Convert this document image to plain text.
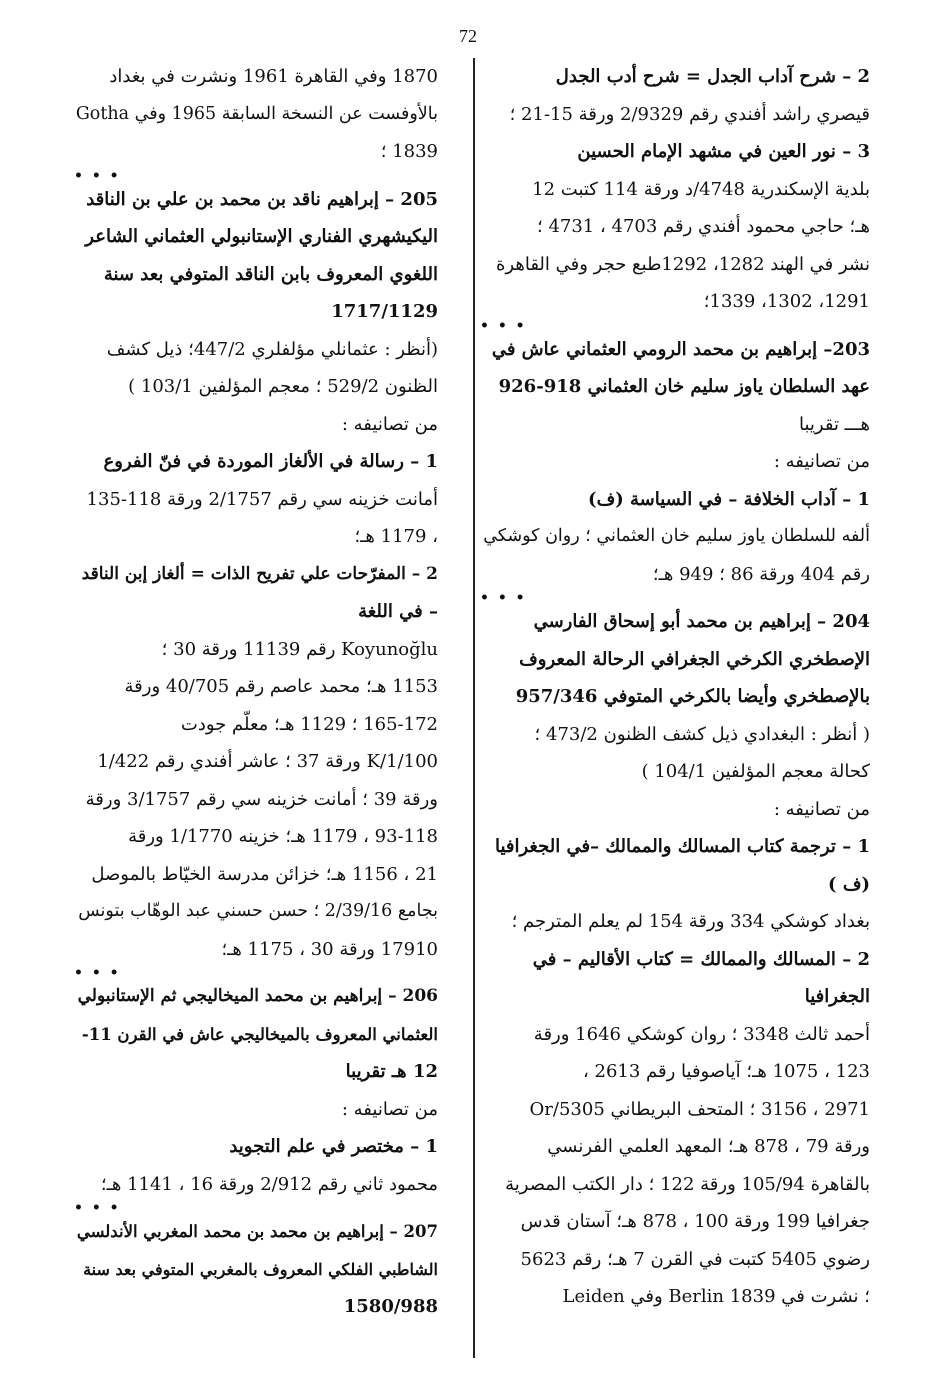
72
2 – شرح آداب الجدل = شرح أدب الجدل
قيصري راشد أفندي رقم 2/9329 ورقة 15-21 ؛
3 – نور العين في مشهد الإمام الحسين
بلدية الإسكندرية 4748/د ورقة 114 كتبت 12
هـ؛ حاجي محمود أفندي رقم 4703 ، 4731 ؛
نشر في الهند 1282، 1292طبع حجر وفي القاهرة
1291، 1302، 1339؛
• • •
203– إبراهيم بن محمد الرومي العثماني عاش في
عهد السلطان ياوز سليم خان العثماني 918-926
هـــ تقريبا
من تصانيفه :
1 – آداب الخلافة – في السياسة (ف)
ألفه للسلطان ياوز سليم خان العثماني ؛ روان كوشكي
رقم 404 ورقة 86 ؛ 949 هـ؛
• • •
204 – إبراهيم بن محمد أبو إسحاق الفارسي
الإصطخري الكرخي الجغرافي الرحالة المعروف
بالإصطخري وأيضا بالكرخي المتوفي 957/346
( أنظر : البغدادي ذيل كشف الظنون 473/2 ؛
كحالة معجم المؤلفين 104/1 )
من تصانيفه :
1 – ترجمة كتاب المسالك والممالك –في الجغرافيا
(ف )
بغداد كوشكي 334 ورقة 154 لم يعلم المترجم ؛
2 – المسالك والممالك = كتاب الأقاليم – في
الجغرافيا
أحمد ثالث 3348 ؛ روان كوشكي 1646 ورقة
123 ، 1075 هـ؛ آياصوفيا رقم 2613 ،
2971 ، 3156 ؛ المتحف البريطاني 5305/Or
ورقة 79 ، 878 هـ؛ المعهد العلمي الفرنسي
بالقاهرة 105/94 ورقة 122 ؛ دار الكتب المصرية
جغرافيا 199 ورقة 100 ، 878 هـ؛ آستان قدس
رضوي 5405 كتبت في القرن 7 هـ؛ رقم 5623
؛ نشرت في Berlin 1839 وفي Leiden
1870 وفي القاهرة 1961 ونشرت في بغداد
بالأوفست عن النسخة السابقة 1965 وفي Gotha
1839 ؛
• • •
205 – إبراهيم ناقد بن محمد بن علي بن الناقد
اليكيشهري الفناري الإستانبولي العثماني الشاعر
اللغوي المعروف بابن الناقد المتوفي بعد سنة
1717/1129
(أنظر : عثمانلي مؤلفلري 447/2؛ ذيل كشف
الظنون 529/2 ؛ معجم المؤلفين 103/1 )
من تصانيفه :
1 – رسالة في الألغاز الموردة في فنّ الفروع
أمانت خزينه سي رقم 2/1757 ورقة 118-135
، 1179 هـ؛
2 – المفرّحات علي تفريح الذات = ألغاز إبن الناقد
– في اللغة
Koyunoğlu رقم 11139 ورقة 30 ؛
1153 هـ؛ محمد عاصم رقم 40/705 ورقة
165-172 ؛ 1129 هـ؛ معلّم جودت
K/1/100 ورقة 37 ؛ عاشر أفندي رقم 1/422
ورقة 39 ؛ أمانت خزينه سي رقم 3/1757 ورقة
93-118 ، 1179 هـ؛ خزينه 1/1770 ورقة
21 ، 1156 هـ؛ خزائن مدرسة الخيّاط بالموصل
بجامع 2/39/16 ؛ حسن حسني عبد الوهّاب بتونس
17910 ورقة 30 ، 1175 هـ؛
• • •
206 – إبراهيم بن محمد الميخاليجي ثم الإستانبولي
العثماني المعروف بالميخاليجي عاش في القرن 11-
12 هـ تقريبا
من تصانيفه :
1 – مختصر في علم التجويد
محمود ثاني رقم 2/912 ورقة 16 ، 1141 هـ؛
• • •
207 – إبراهيم بن محمد بن محمد المغربي الأندلسي
الشاطبي الفلكي المعروف بالمغربي المتوفي بعد سنة
1580/988
